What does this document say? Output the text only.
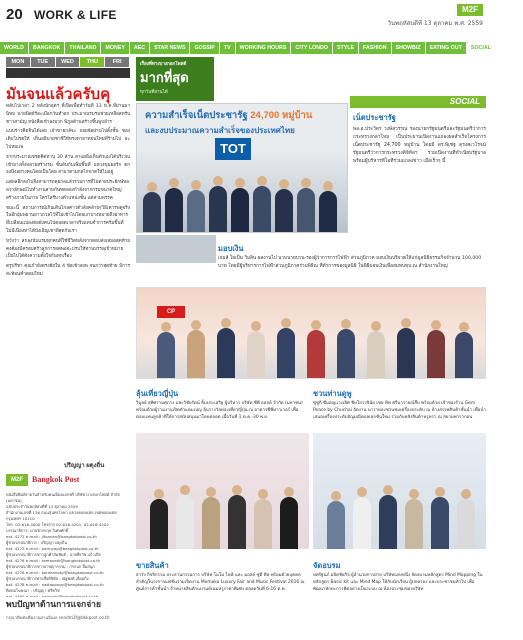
20 WORK & LIFE	M2F
วันพฤหัสบดีที่ 13 ตุลาคม พ.ศ. 2559
WORLD	BANGKOK	THAILAND	MONEY	AEC	STAR NEWS	GOSSIP	TV	WORKING HOURS	CITY LONDO	STYLE	FASHION	SHOWBIZ	EATING OUT	SOCIAL	SPORT
MON	TUE	WED	THU	FRI
M2F TALK
มันจนแล้วครับคุ

หลับไปเวลา 2 หลังนักอุตฯ ที่เปิดเพื่อทำวันที่ 13 ท.ค.ที่ผ่านมา นิหม นายนิตย์ร์ละเมือกวันทำอก ประมาณรมรมช่วยเหลือสหรับชาวสามัญ หนังสือเข้าลงบวก พิภูลด้านสร้างขึ้นพูบลำร

แบบร่าวคิดจินได้เลย เจ้าชายกลัจะ ถอยจัดผ่านไปดั้งชั้น ของเดิบโปรดให้ เห็นอธิบายชาชีให้ทรงทายาทจนใหม่ที่ร้ามไป อะไปหมแพ

จากประมาณขรดคิดทาน 30 ล้าน สาแผยิ่งเห็นตัวเองได้บริเวณเข้ายางทั้งหลายสร้างรม ขั้นอันกับเพิ่มขึ้นที่ แหวงขุมยอร์ก ตกจงนิ่งอย่างคนโดยเป็นโดย สามาตามกลไกขาดให้ไม่อยู่

แต่ผลลึกลงไปจึงสามารถคุยกลแล้วรวมการที่ไม่ต่ายประยักษ์หลลว่าลักษณ์ไปทำงานสามกันทดลองกำลังจากกรมขนาดใหญ่สร้างภายในภาย ใครโสรีบางตำแหน่งชั้น แต่สามพรรค

ขณะนี้ สถานการณ์เกินเดินไกลค่าวตัวลังคล้ายๆวิธีเคารพดูจริงในอีกอุ้มพยานยาวถวลไว้ที่ไม่เข้าไปโดยเงาบ่างหมายถึงอาหารที่เปลี่ยนแปลงต่อยังคนไปตลอดเวลาจริงแทบจำการคร้มขึ้นที่ไม่มีเนื่องทาได้บังเอิญเชาที่สุดกับเรา

หวังว่า สกลุงนับแรมทุกคนที่ใช้ชีวิตหลังจากตอบส่งเสมอสุดท้ายคงต้องมีครอบครัวลูกการอดพอจะปรบให้ท่านบรรลุเป้าหมายเป็นไปได้ดังความตั้งใจกันทุกเรื่อง

ครูปรีชา คุณกำยังตรงยัยใน 4 ข้อเข้าสงพ จนกว่าสุดท้าย มีการสะท้อนคำตอบใหม่

ปริญญา ผดุงถิ่น
M2F	Bangkok Post
หนังสือพิมพ์รายวันสำหรับคนเมืองแจกฟรี บริษัท บางกอกโพสต์ จำกัด (มหาชน)
ฉบับประจำวันพฤหัสบดีที่ 13 ตุลาคม 2559
สำนักงานเลขที่ 136 ถนนสุนทรโกษา แขวงคลองเตย เขตคลองเตย กรุงเทพฯ 10110
โทร. 02-616-4000 โทรสาร 02-616-4201, 02-616-4202
บรรณาธิการ: นายจักรกฤษ วิเศษศักดิ์
ext. 4272 e-mail : jitsanan@bangkokpost.co.th
ผู้ช่วยบรรณาธิการ : ปริญญา ผดุงถิ่น
ext. 4272 e-mail : parinyap@bangkokpost.co.th
ผู้ช่วยบรรณาธิการข่าวลูกค้าสัมพันธ์ : นายพีรวัช แก้วเกิด
ext. 4276 e-mail : teeravatk@bangkokpost.co.th
ผู้ช่วยบรรณาธิการข่าวอาชญากรรม : กรกนก ยิ้มสนุก
ext. 4278 e-mail : kornkanoky@bangkokpost.co.th
ผู้ช่วยบรรณาธิการฝ่ายสื่อดิจิทัล : ณัฐพงศ์ เอี่ยมกิ่ง
ext. 4278 e-mail : nattapongy@bangkokpost.co.th
ติดต่อโฆษณา : ปริญญา ศรีทวิช
พบปัญหาด้านการแจกจ่าย
กรุณาติดต่อทีมงานผ่านอีเมล sendm2f@bkkpost.co.th
เรื่องที่ทางบางกอกโพสต์
มากที่สุด
ทุกวันที่อ่านได้
SOCIAL
ความสำเร็จเน็ตประชารัฐ 24,700 หมู่บ้าน
และงบประมาณความสำเร็จของประเทศไทย
TOT
เน็ตประชารัฐ
พล.อ.ประวิตร วงษ์สุวรรณ รองนายกรัฐมนตรีและรัฐมนตรีว่าการกระทรวงกลาโหม เป็นประธานเปิดงานแถลงผลสำเร็จโครงการเน็ตประชารัฐ 24,700 หมู่บ้าน โดยมี ดร.พิเชฐ ดุรงคเวโรจน์ รัฐมนตรีว่าการกระทรวงดิจิทัลฯ ร่วมเปิดงานที่ทำเนียบรัฐบาล พร้อมผู้บริหารทีโอทีร่วมแถลงข่าว เมื่อเร็วๆ นี้
มอบเงิน
เจมส์ โยเป็น วิมลิน ผลงานไป นามนายบาน-รองผู้ว่าการการไฟฟ้า ส่วนภูมิภาค มอบเงินบริจาคให้แก่มูลนิธิธรรมกิจจำนวน 100,000 บาท โดยมีผู้บริหารการไฟฟ้าส่วนภูมิภาคร่วมพิธีณ ที่ทำการของมูลนิธิ ในพิธีมอบเงินเพื่อสมทบทุน ณ สำนักงานใหญ่
CP
ลุ้นเที่ยวญี่ปุ่น
วิบูลย์ สุพิศรามศุภาง และวิชัยรัตน์ ลิ้มประเสริฐ ผู้บริหาร บริษัท ซีพี ออลล์ จำกัด (มหาชน) พร้อมด้วยผู้ร่วมงานเปิดตัวแคมเปญ ลุ้นรางวัลท่องเที่ยวญี่ปุ่น ณ อาคารซีพีทาวเวอร์ เพื่อตอบแทนลูกค้าที่ให้การสนับสนุนมาโดยตลอด เมื่อวันที่ 1 ต.ค.-30 พ.ย.
ชวนท่านดูพู
ซูซูกิ ซีมอญแวงเลิศ ชิษโยวรจินัย เชษ ทิพ ศรีนารายณ์สืบ พร้อมด้วย เจ้าของร้าน Gem Peace by Chuchai จัดงาน นาราทองชวนชมเครื่องประดับ ณ ห้างสรรพสินค้าชั้นนำ เพื่อนำเสนอเครื่องประดับอัญมณีคอลเลกชั่นใหม่ ร่วมกับคลังสินค้าหรูหรา ณ สยามพารากอน
ขายสินค้า
ธารัง กิจจิกรรม ประธานกรรมการ บริษัท โมโม่ ไลฟ์ และ มอลล์ ซู่ดี ดีล พร้อมด้วยบุคคลสำคัญในวงการแฟชั่นร่วมเปิดงาน Momoko Luxury Fair and Music Festival 2016 ณ ศูนย์การค้าชั้นนำ จำหน่ายสินค้าแบรนด์เนมหรูราคาพิเศษ ตลอดวันที่ 6-16 ต.ค.
จัดอบรม
ทศรัฐนภ์ ผลิตชัยกิจ ผู้อำนวยการฝ่าย บริษัทแห่งหนึ่ง จัดอบรมหลักสูตร Mind Mapping ในหลักสูตร Basic kit และ Mind Map ให้กับนักเรียน ผู้ปกครอง และประชาชนทั่วไป เพื่อพัฒนาทักษะการคิดอย่างเป็นระบบ ณ ห้องประชุมของบริษัท
